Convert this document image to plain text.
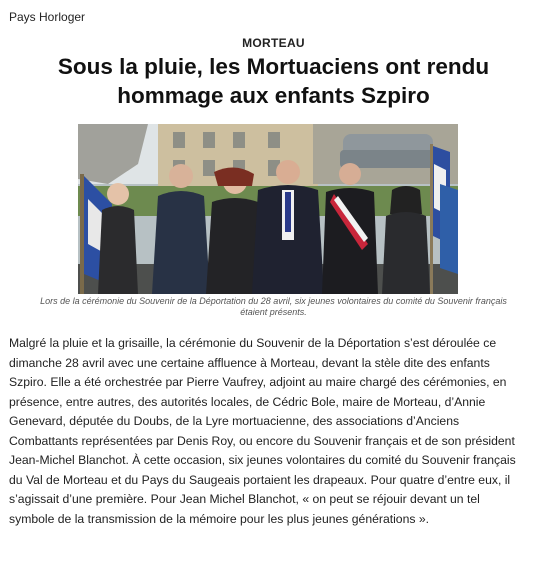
Pays Horloger
MORTEAU
Sous la pluie, les Mortuaciens ont rendu
hommage aux enfants Szpiro
Lors de la cérémonie du Souvenir de la Déportation du 28 avril, six jeunes volontaires du comité du Souvenir français
étaient présents.
Malgré la pluie et la grisaille, la cérémonie du Souvenir de la Déportation s’est déroulée ce
dimanche 28 avril avec une certaine affluence à Morteau, devant la stèle dite des enfants
Szpiro. Elle a été orchestrée par Pierre Vaufrey, adjoint au maire chargé des cérémonies, en
présence, entre autres, des autorités locales, de Cédric Bole, maire de Morteau, d’Annie
Genevard, députée du Doubs, de la Lyre mortuacienne, des associations d’Anciens
Combattants représentées par Denis Roy, ou encore du Souvenir français et de son président
Jean-Michel Blanchot. À cette occasion, six jeunes volontaires du comité du Souvenir français
du Val de Morteau et du Pays du Saugeais portaient les drapeaux. Pour quatre d’entre eux, il
s’agissait d’une première. Pour Jean Michel Blanchot, « on peut se réjouir devant un tel
symbole de la transmission de la mémoire pour les plus jeunes générations ».
